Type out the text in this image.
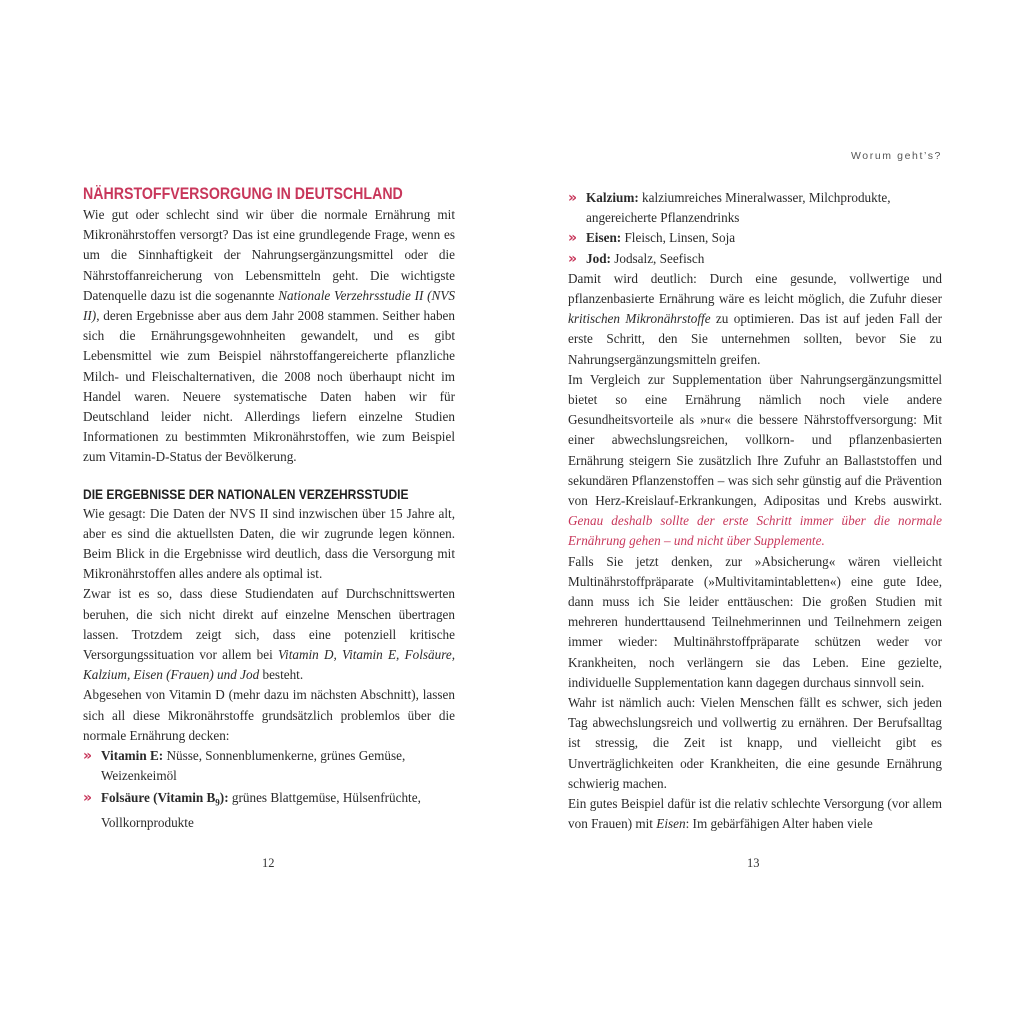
Worum geht’s?
NÄHRSTOFFVERSORGUNG IN DEUTSCHLAND

Wie gut oder schlecht sind wir über die normale Ernährung mit Mikronährstoffen versorgt? Das ist eine grundlegende Frage, wenn es um die Sinnhaftigkeit der Nahrungsergänzungsmittel oder die Nährstoffanreicherung von Lebensmitteln geht. Die wichtigste Datenquelle dazu ist die sogenannte Nationale Verzehrsstudie II (NVS II), deren Ergebnisse aber aus dem Jahr 2008 stammen. Seither haben sich die Ernährungsgewohnheiten gewandelt, und es gibt Lebensmittel wie zum Beispiel nährstoffangereicherte pflanzliche Milch- und Fleischalternativen, die 2008 noch überhaupt nicht im Handel waren. Neuere systematische Daten haben wir für Deutschland leider nicht. Allerdings liefern einzelne Studien Informationen zu bestimmten Mikronährstoffen, wie zum Beispiel zum Vitamin-D-Status der Bevölkerung.

DIE ERGEBNISSE DER NATIONALEN VERZEHRSSTUDIE

Wie gesagt: Die Daten der NVS II sind inzwischen über 15 Jahre alt, aber es sind die aktuellsten Daten, die wir zugrunde legen können. Beim Blick in die Ergebnisse wird deutlich, dass die Versorgung mit Mikronährstoffen alles andere als optimal ist.

Zwar ist es so, dass diese Studiendaten auf Durchschnittswerten beruhen, die sich nicht direkt auf einzelne Menschen übertragen lassen. Trotzdem zeigt sich, dass eine potenziell kritische Versorgungssituation vor allem bei Vitamin D, Vitamin E, Folsäure, Kalzium, Eisen (Frauen) und Jod besteht.

Abgesehen von Vitamin D (mehr dazu im nächsten Abschnitt), lassen sich all diese Mikronährstoffe grundsätzlich problemlos über die normale Ernährung decken:

» Vitamin E: Nüsse, Sonnenblumenkerne, grünes Gemüse, Weizenkeimöl
» Folsäure (Vitamin $B_9$): grünes Blattgemüse, Hülsenfrüchte, Vollkornprodukte
12
» Kalzium: kalziumreiches Mineralwasser, Milchprodukte, angereicherte Pflanzendrinks
» Eisen: Fleisch, Linsen, Soja
» Jod: Jodsalz, Seefisch

Damit wird deutlich: Durch eine gesunde, vollwertige und pflanzenbasierte Ernährung wäre es leicht möglich, die Zufuhr dieser kritischen Mikronährstoffe zu optimieren. Das ist auf jeden Fall der erste Schritt, den Sie unternehmen sollten, bevor Sie zu Nahrungsergänzungsmitteln greifen.

Im Vergleich zur Supplementation über Nahrungsergänzungsmittel bietet so eine Ernährung nämlich noch viele andere Gesundheitsvorteile als »nur« die bessere Nährstoffversorgung: Mit einer abwechslungsreichen, vollkorn- und pflanzenbasierten Ernährung steigern Sie zusätzlich Ihre Zufuhr an Ballaststoffen und sekundären Pflanzenstoffen – was sich sehr günstig auf die Prävention von Herz-Kreislauf-Erkrankungen, Adipositas und Krebs auswirkt. Genau deshalb sollte der erste Schritt immer über die normale Ernährung gehen – und nicht über Supplemente.

Falls Sie jetzt denken, zur »Absicherung« wären vielleicht Multinährstoffpräparate (»Multivitamintabletten«) eine gute Idee, dann muss ich Sie leider enttäuschen: Die großen Studien mit mehreren hunderttausend Teilnehmerinnen und Teilnehmern zeigen immer wieder: Multinährstoffpräparate schützen weder vor Krankheiten, noch verlängern sie das Leben. Eine gezielte, individuelle Supplementation kann dagegen durchaus sinnvoll sein.

Wahr ist nämlich auch: Vielen Menschen fällt es schwer, sich jeden Tag abwechslungsreich und vollwertig zu ernähren. Der Berufsalltag ist stressig, die Zeit ist knapp, und vielleicht gibt es Unverträglichkeiten oder Krankheiten, die eine gesunde Ernährung schwierig machen.

Ein gutes Beispiel dafür ist die relativ schlechte Versorgung (vor allem von Frauen) mit Eisen: Im gebärfähigen Alter haben viele

13
